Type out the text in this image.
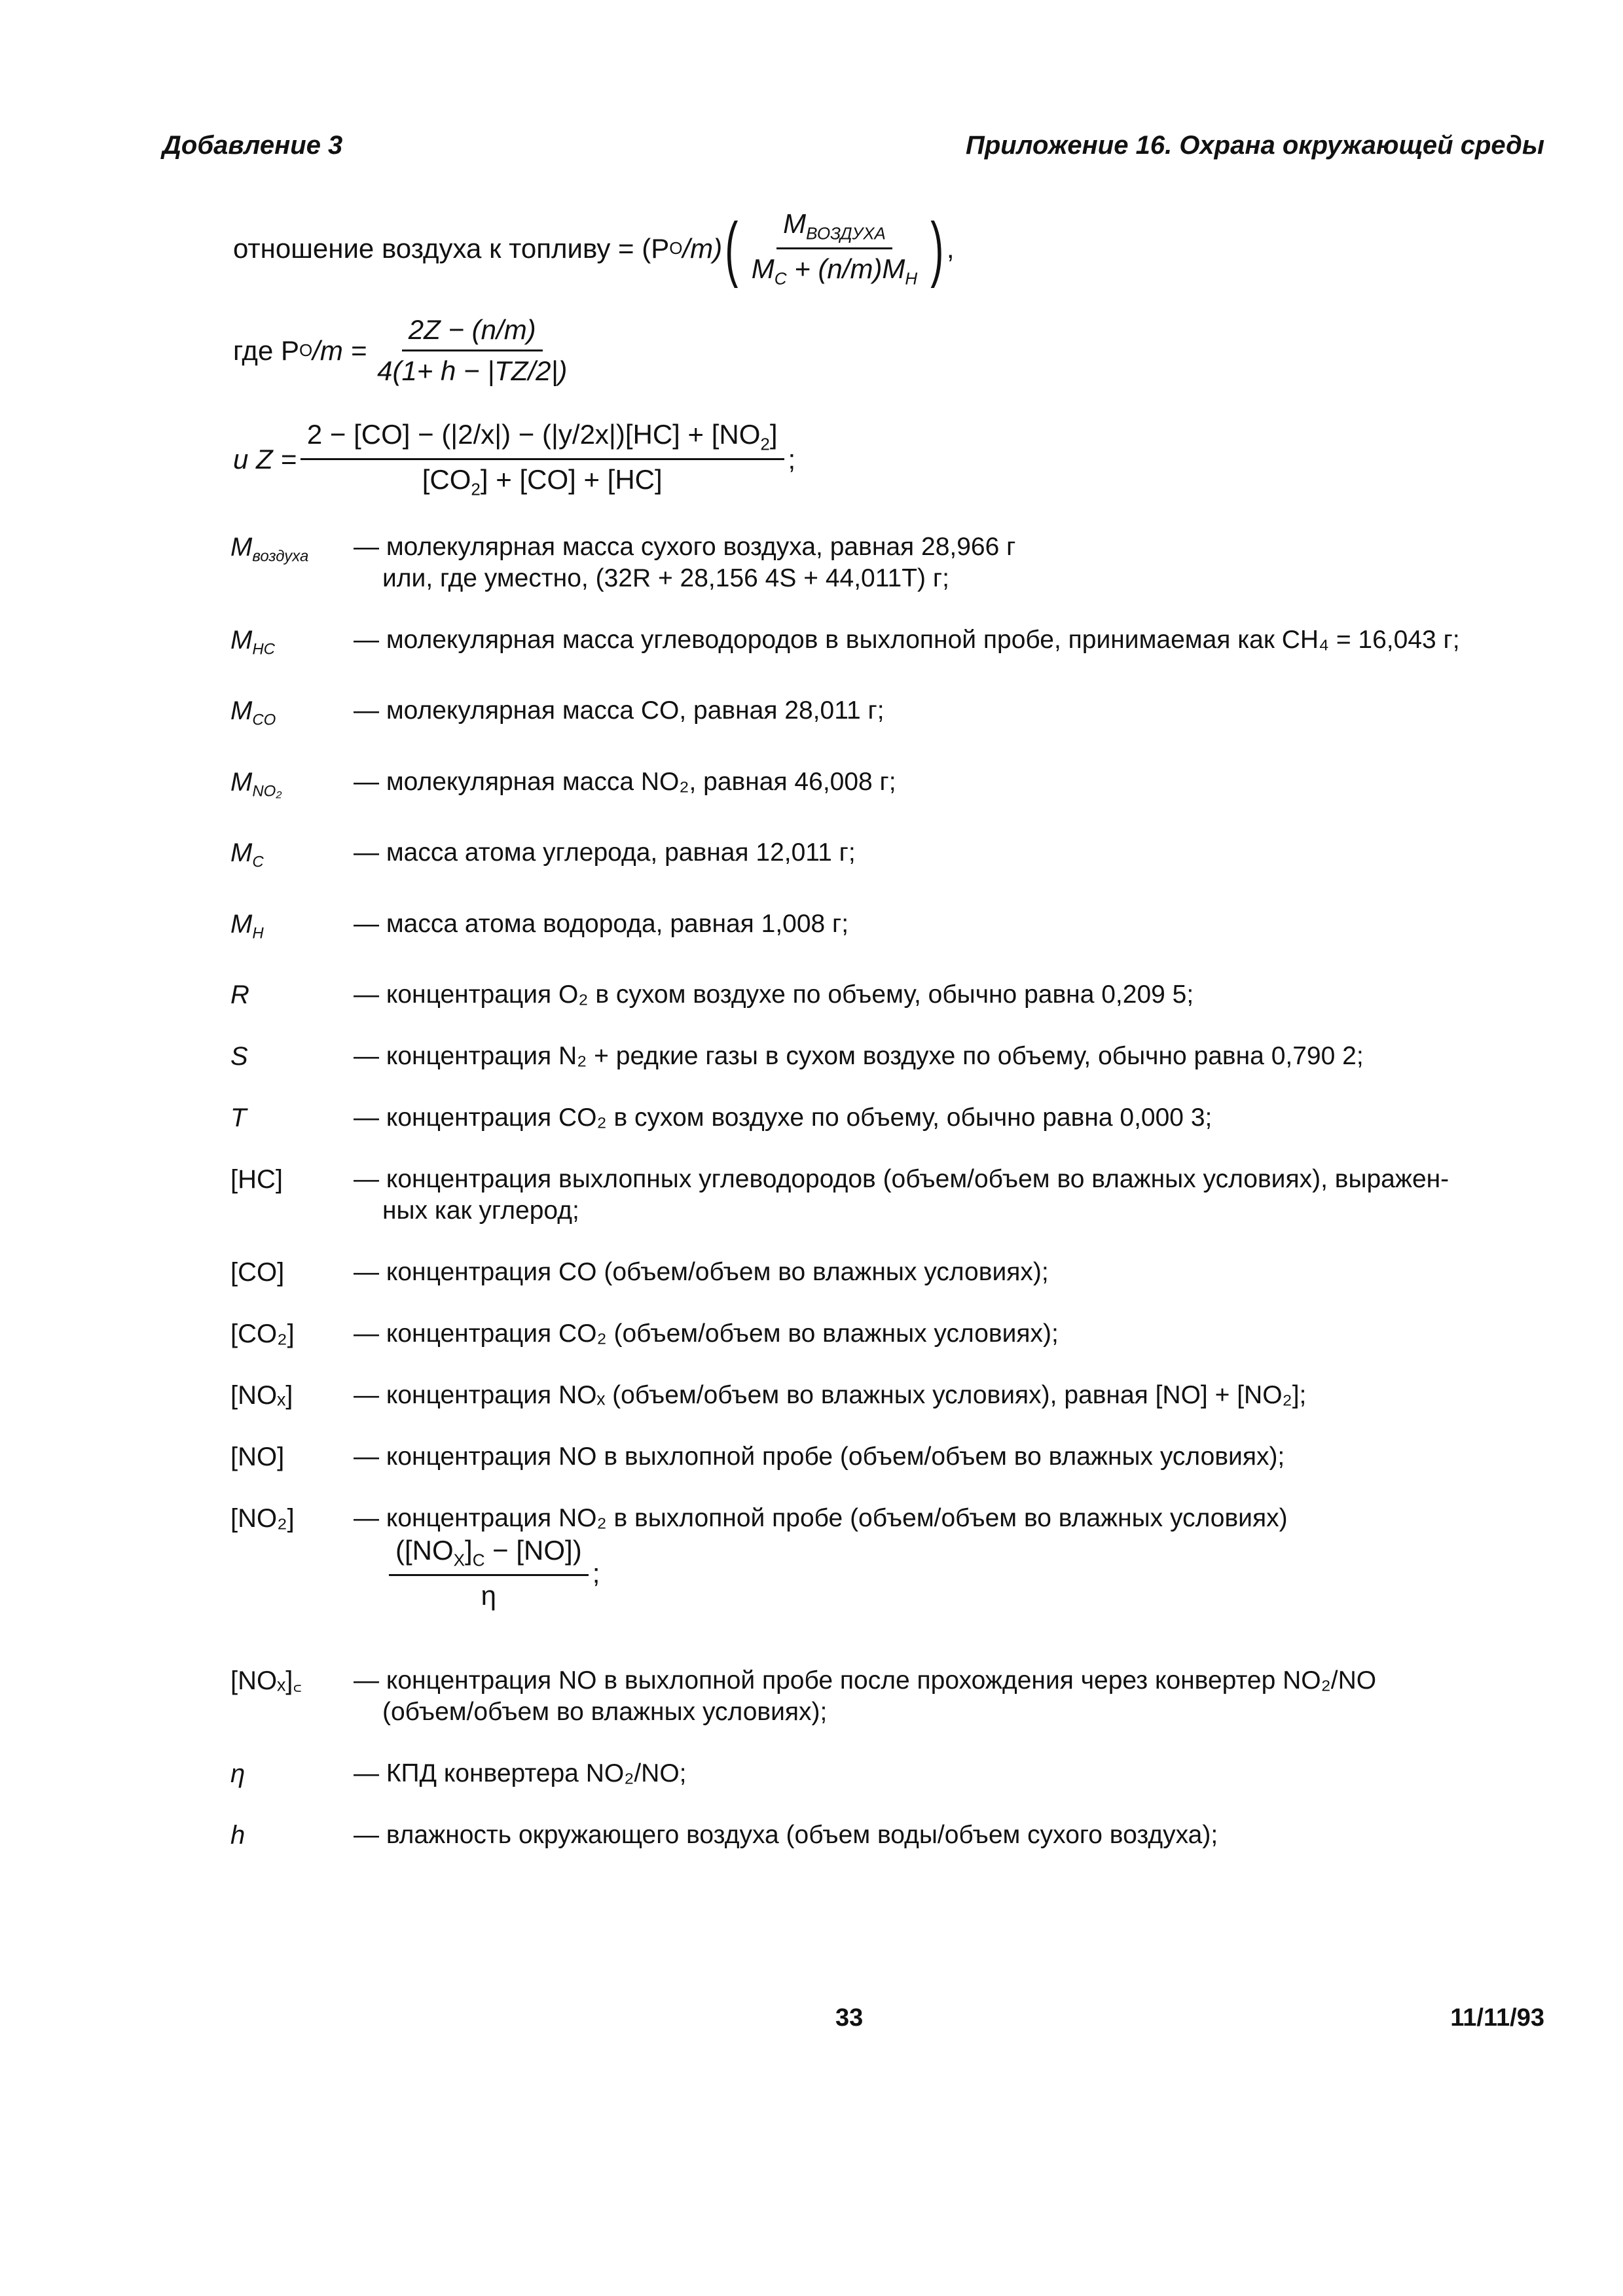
Добавление 3	Приложение 16. Охрана окружающей среды
отношение воздуха к топливу = (P O /m) ( $\frac{M_{ВОЗДУХА}}{M_C + (n/m)M_H}$ ) ,
где P O $/m = \frac{2Z - (n/m)}{4(1+ h - |TZ/2|)}$
и $Z = \frac{2 - [CO] - (|2/x|) - (|y/2x|)[HC] + [NO_2]}{[CO_2] + [CO] + [HC]}$ ;
$M_{воздуха}$	— молекулярная масса сухого воздуха, равная 28,966 г
или, где уместно, (32R + 28,156 4S + 44,011T) г;
$M_{HC}$	— молекулярная масса углеводородов в выхлопной пробе, принимаемая как CH₄ = 16,043 г;
$M_{CO}$	— молекулярная масса CO, равная 28,011 г;
$M_{NO_2}$	— молекулярная масса NO₂, равная 46,008 г;
$M_C$	— масса атома углерода, равная 12,011 г;
$M_H$	— масса атома водорода, равная 1,008 г;
R	— концентрация O₂ в сухом воздухе по объему, обычно равна 0,209 5;
S	— концентрация N₂ + редкие газы в сухом воздухе по объему, обычно равна 0,790 2;
T	— концентрация CO₂ в сухом воздухе по объему, обычно равна 0,000 3;
[HC]	— концентрация выхлопных углеводородов (объем/объем во влажных условиях), выражен-
ных как углерод;
[CO]	— концентрация CO (объем/объем во влажных условиях);
[CO₂]	— концентрация CO₂ (объем/объем во влажных условиях);
[NOₓ]	— концентрация NOₓ (объем/объем во влажных условиях), равная [NO] + [NO₂];
[NO]	— концентрация NO в выхлопной пробе (объем/объем во влажных условиях);
[NO₂]	— концентрация NO₂ в выхлопной пробе (объем/объем во влажных условиях)
$\frac{([NO_X]_C - [NO])}{\eta}$ ;
[NOₓ]꜀	— концентрация NO в выхлопной пробе после прохождения через конвертер NO₂/NO
(объем/объем во влажных условиях);
η	— КПД конвертера NO₂/NO;
h	— влажность окружающего воздуха (объем воды/объем сухого воздуха);
33	11/11/93
